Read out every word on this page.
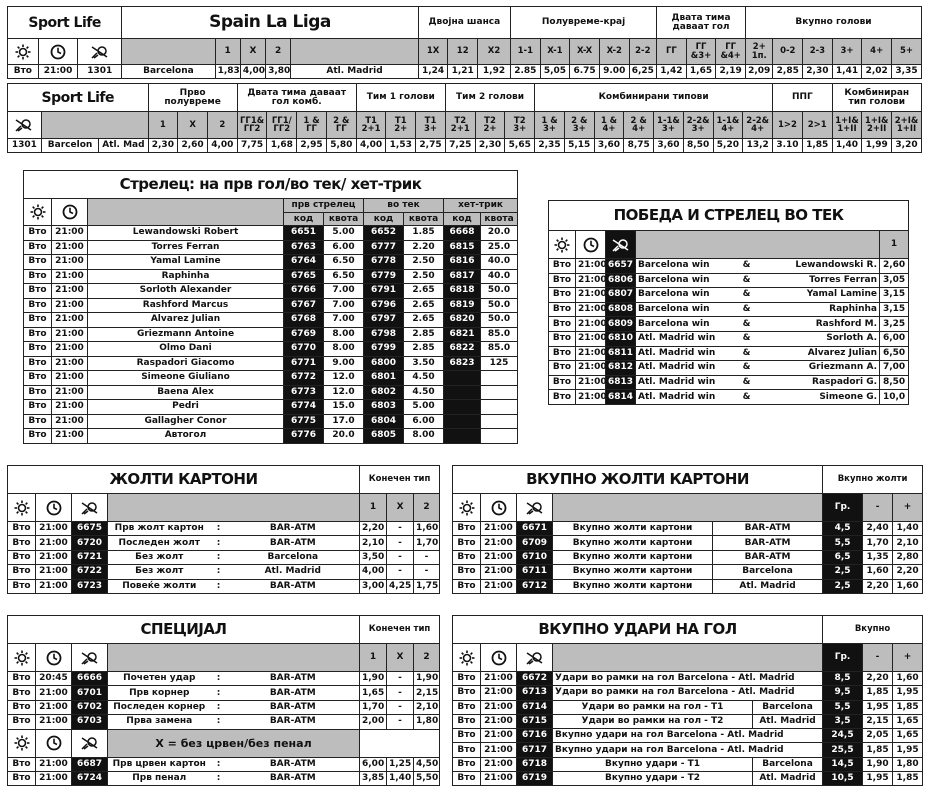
Sport Life			Spain La Liga					Двојна шанса			Полувреме-крај					Двата тима даваат гол			Вкупно голови					

		1	X	2		1X	12	X2	1-1	X-1	X-X	X-2	2-2	ГГ	ГГ &3+	ГГ &4+	2+ 1п.	0-2	2-3	3+	4+	5+
Вто	21:00	1301	Barcelona	1,83	4,00	3,80	Atl. Madrid	1,24	1,21	1,92	2.85	5,05	6.75	9.00	6,25	1,42	1,65	2,19	2,09	2,85	2,30	1,41	2,02	3,35
Sport Life			Прво полувреме			Двата тима даваат гол комб.				Тим 1 голови			Тим 2 голови			Комбинирани типови								ППГ		Комбиниран тип голови		

		1	X	2	ГГ1& ГГ2	ГГ1/ ГГ2	1 & ГГ	2 & ГГ	Т1 2+1	Т1 2+	Т1 3+	Т2 2+1	Т2 2+	Т2 3+	1 & 3+	2 & 3+	1 & 4+	2 & 4+	1-1& 3+	2-2& 3+	1-1& 4+	2-2& 4+	1>2	2>1	1+I& 1+II	1+I& 2+II	2+I& 1+II
1301	Barcelon	Atl. Mad	2,30	2,60	4,00	7,75	1,68	2,95	5,80	4,00	1,53	2,75	7,25	2,30	5,65	2,35	5,15	3,60	8,75	3,60	8,50	5,20	13,2	3.10	1,85	1,40	1,99	3,20
Стрелец: на прв гол/во тек/ хет-трик								

		прв стрелец		во тек		хет-трик	
			код	квота	код	квота	код	квота
Вто	21:00	Lewandowski Robert	6651	5.00	6652	1.85	6668	20.0
Вто	21:00	Torres Ferran	6763	6.00	6777	2.20	6815	25.0
Вто	21:00	Yamal Lamine	6764	6.50	6778	2.50	6816	40.0
Вто	21:00	Raphinha	6765	6.50	6779	2.50	6817	40.0
Вто	21:00	Sorloth Alexander	6766	7.00	6791	2.65	6818	50.0
Вто	21:00	Rashford Marcus	6767	7.00	6796	2.65	6819	50.0
Вто	21:00	Alvarez Julian	6768	7.00	6797	2.65	6820	50.0
Вто	21:00	Griezmann Antoine	6769	8.00	6798	2.85	6821	85.0
Вто	21:00	Olmo Dani	6770	8.00	6799	2.85	6822	85.0
Вто	21:00	Raspadori Giacomo	6771	9.00	6800	3.50	6823	125
Вто	21:00	Simeone Giuliano	6772	12.0	6801	4.50		
Вто	21:00	Baena Alex	6773	12.0	6802	4.50		
Вто	21:00	Pedri	6774	15.0	6803	5.00		
Вто	21:00	Gallagher Conor	6775	17.0	6804	6.00		
Вто	21:00	Автогол	6776	20.0	6805	8.00		
ПОБЕДА И СТРЕЛЕЦ ВО ТЕК						

		1
Вто	21:00	6657	Barcelona win	&	Lewandowski R.	2,60
Вто	21:00	6806	Barcelona win	&	Torres Ferran	3,05
Вто	21:00	6807	Barcelona win	&	Yamal Lamine	3,15
Вто	21:00	6808	Barcelona win	&	Raphinha	3,15
Вто	21:00	6809	Barcelona win	&	Rashford M.	3,25
Вто	21:00	6810	Atl. Madrid win	&	Sorloth A.	6,00
Вто	21:00	6811	Atl. Madrid win	&	Alvarez Julian	6,50
Вто	21:00	6812	Atl. Madrid win	&	Griezmann A.	7,00
Вто	21:00	6813	Atl. Madrid win	&	Raspadori G.	8,50
Вто	21:00	6814	Atl. Madrid win	&	Simeone G.	10,0
ЖОЛТИ КАРТОНИ						Конечен тип		

		1	X	2
Вто	21:00	6675	Прв жолт картон	:	BAR-ATM	2,20	-	1,60
Вто	21:00	6720	Последен жолт	:	BAR-ATM	2,10	-	1,70
Вто	21:00	6721	Без жолт	:	Barcelona	3,50	-	-
Вто	21:00	6722	Без жолт	:	Atl. Madrid	4,00	-	-
Вто	21:00	6723	Повеќе жолти	:	BAR-ATM	3,00	4,25	1,75
ВКУПНО ЖОЛТИ КАРТОНИ					Вкупно жолти		

		Гр.	-	+
Вто	21:00	6671	Вкупно жолти картони	BAR-ATM	4,5	2,40	1,40
Вто	21:00	6709	Вкупно жолти картони	BAR-ATM	5,5	1,70	2,10
Вто	21:00	6710	Вкупно жолти картони	BAR-ATM	6,5	1,35	2,80
Вто	21:00	6711	Вкупно жолти картони	Barcelona	2,5	1,60	2,20
Вто	21:00	6712	Вкупно жолти картони	Atl. Madrid	2,5	2,20	1,60
СПЕЦИЈАЛ						Конечен тип		

		1	X	2
Вто	20:45	6666	Почетен удар	:	BAR-ATM	1,90	-	1,90
Вто	21:00	6701	Прв корнер	:	BAR-ATM	1,65	-	2,15
Вто	21:00	6702	Последен корнер	:	BAR-ATM	1,70	-	2,10
Вто	21:00	6703	Прва замена	:	BAR-ATM	2,00	-	1,80

	X = без црвен/без пенал					
Вто	21:00	6687	Прв црвен картон	:	BAR-ATM	6,00	1,25	4,50
Вто	21:00	6724	Прв пенал	:	BAR-ATM	3,85	1,40	5,50
ВКУПНО УДАРИ НА ГОЛ					Вкупно		

		Гр.	-	+
Вто	21:00	6672	Удари во рамки на гол Barcelona - Atl. Madrid		8,5	2,20	1,60
Вто	21:00	6713	Удари во рамки на гол Barcelona - Atl. Madrid		9,5	1,85	1,95
Вто	21:00	6714	Удари во рамки на гол - Т1	Barcelona	5,5	1,95	1,85
Вто	21:00	6715	Удари во рамки на гол - Т2	Atl. Madrid	3,5	2,15	1,65
Вто	21:00	6716	Вкупно удари на гол Barcelona - Atl. Madrid		24,5	2,05	1,65
Вто	21:00	6717	Вкупно удари на гол Barcelona - Atl. Madrid		25,5	1,85	1,95
Вто	21:00	6718	Вкупно удари - Т1	Barcelona	14,5	1,90	1,80
Вто	21:00	6719	Вкупно удари - Т2	Atl. Madrid	10,5	1,95	1,85
